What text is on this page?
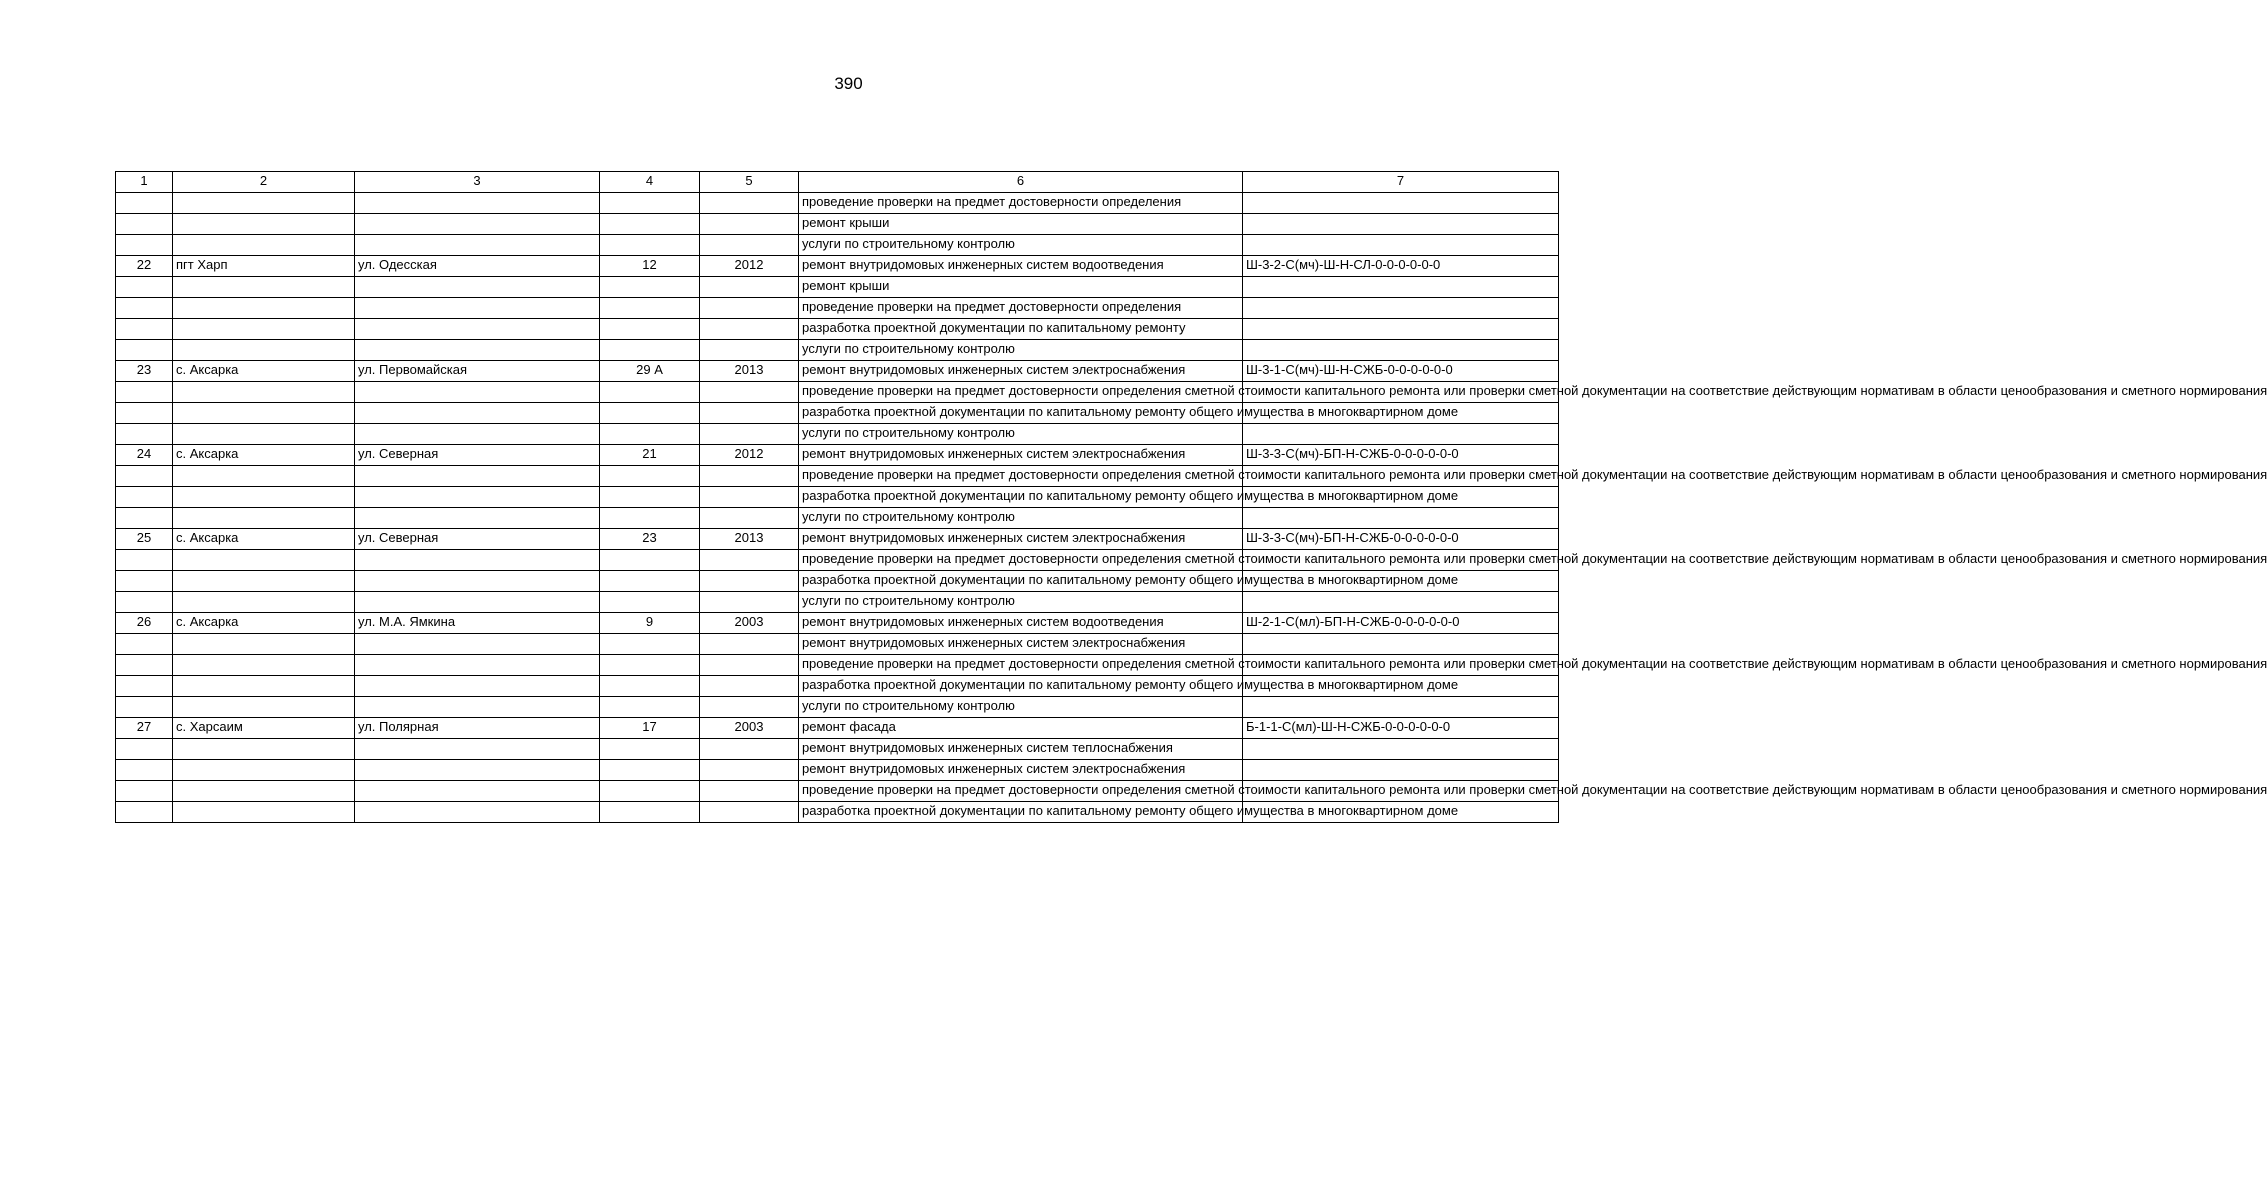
390
1	2	3	4	5	6	7
					проведение проверки на предмет достоверности определения	
					ремонт крыши	
					услуги по строительному контролю	
22	пгт Харп	ул. Одесская	12	2012	ремонт внутридомовых инженерных систем водоотведения	Ш-3-2-С(мч)-Ш-Н-СЛ-0-0-0-0-0-0
					ремонт крыши	
					проведение проверки на предмет достоверности определения	
					разработка проектной документации по капитальному ремонту	
					услуги по строительному контролю	
23	с. Аксарка	ул. Первомайская	29 А	2013	ремонт внутридомовых инженерных систем электроснабжения	Ш-3-1-С(мч)-Ш-Н-СЖБ-0-0-0-0-0-0
					проведение проверки на предмет достоверности определения сметной стоимости капитального ремонта или проверки сметной документации на соответствие действующим нормативам в области ценообразования и сметного нормирования	
					разработка проектной документации по капитальному ремонту общего имущества в многоквартирном доме	
					услуги по строительному контролю	
24	с. Аксарка	ул. Северная	21	2012	ремонт внутридомовых инженерных систем электроснабжения	Ш-3-3-С(мч)-БП-Н-СЖБ-0-0-0-0-0-0
					проведение проверки на предмет достоверности определения сметной стоимости капитального ремонта или проверки сметной документации на соответствие действующим нормативам в области ценообразования и сметного нормирования	
					разработка проектной документации по капитальному ремонту общего имущества в многоквартирном доме	
					услуги по строительному контролю	
25	с. Аксарка	ул. Северная	23	2013	ремонт внутридомовых инженерных систем электроснабжения	Ш-3-3-С(мч)-БП-Н-СЖБ-0-0-0-0-0-0
					проведение проверки на предмет достоверности определения сметной стоимости капитального ремонта или проверки сметной документации на соответствие действующим нормативам в области ценообразования и сметного нормирования	
					разработка проектной документации по капитальному ремонту общего имущества в многоквартирном доме	
					услуги по строительному контролю	
26	с. Аксарка	ул. М.А. Ямкина	9	2003	ремонт внутридомовых инженерных систем водоотведения	Ш-2-1-С(мл)-БП-Н-СЖБ-0-0-0-0-0-0
					ремонт внутридомовых инженерных систем электроснабжения	
					проведение проверки на предмет достоверности определения сметной стоимости капитального ремонта или проверки сметной документации на соответствие действующим нормативам в области ценообразования и сметного нормирования	
					разработка проектной документации по капитальному ремонту общего имущества в многоквартирном доме	
					услуги по строительному контролю	
27	с. Харсаим	ул. Полярная	17	2003	ремонт фасада	Б-1-1-С(мл)-Ш-Н-СЖБ-0-0-0-0-0-0
					ремонт внутридомовых инженерных систем теплоснабжения	
					ремонт внутридомовых инженерных систем электроснабжения	
					проведение проверки на предмет достоверности определения сметной стоимости капитального ремонта или проверки сметной документации на соответствие действующим нормативам в области ценообразования и сметного нормирования	
					разработка проектной документации по капитальному ремонту общего имущества в многоквартирном доме	
